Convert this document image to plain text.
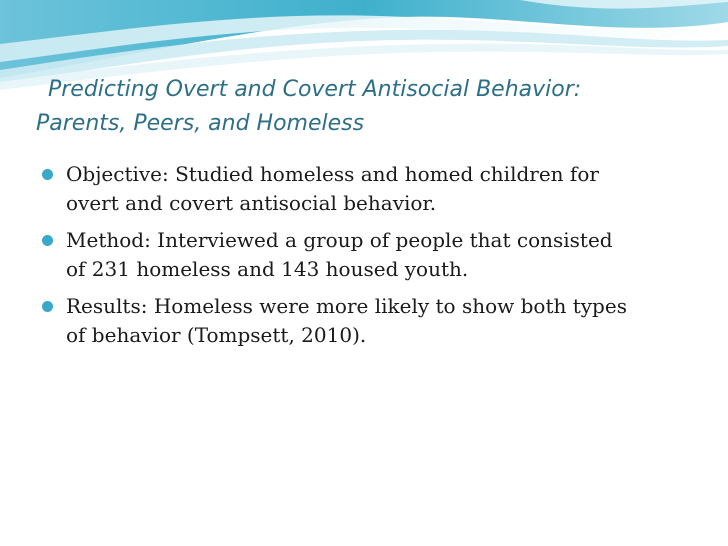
Predicting Overt and Covert Antisocial Behavior:
Parents, Peers, and Homeless
Objective: Studied homeless and homed children for
overt and covert antisocial behavior.
Method: Interviewed a group of people that consisted
of 231 homeless and 143 housed youth.
Results: Homeless were more likely to show both types
of behavior (Tompsett, 2010).
